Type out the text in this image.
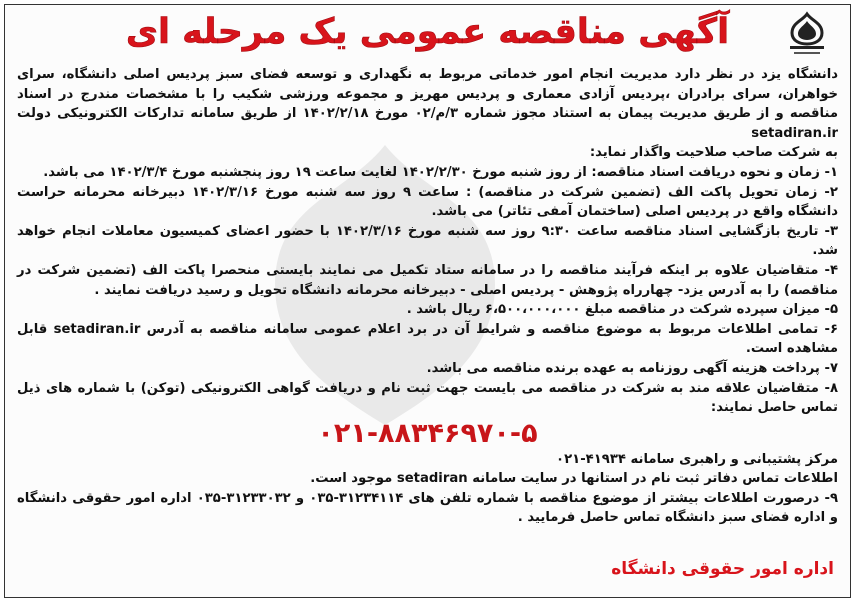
آگهی مناقصه عمومی یک مرحله ای

دانشگاه یزد در نظر دارد مدیریت انجام امور خدماتی مربوط به نگهداری و توسعه فضای سبز پردیس اصلی دانشگاه، سرای خواهران، سرای برادران ،پردیس آزادی معماری و پردیس مهریز و مجموعه ورزشی شکیب را با مشخصات مندرج در اسناد مناقصه و از طریق مدیریت پیمان به استناد مجوز شماره ۳/م/۰۲ مورخ ۱۴۰۲/۲/۱۸ از طریق سامانه تدارکات الکترونیکی دولت setadiran.ir
به شرکت صاحب صلاحیت واگذار نماید:

۱- زمان و نحوه دریافت اسناد مناقصه: از روز شنبه مورخ ۱۴۰۲/۲/۳۰ لغایت ساعت ۱۹ روز پنجشنبه مورخ ۱۴۰۲/۳/۴ می باشد.

۲- زمان تحویل پاکت الف (تضمین شرکت در مناقصه) : ساعت ۹ روز سه شنبه مورخ ۱۴۰۲/۳/۱۶ دبیرخانه محرمانه حراست دانشگاه واقع در پردیس اصلی (ساختمان آمفی تئاتر) می باشد.

۳- تاریخ بازگشایی اسناد مناقصه ساعت ۹:۳۰ روز سه شنبه مورخ ۱۴۰۲/۳/۱۶ با حضور اعضای کمیسیون معاملات انجام خواهد شد.

۴- متقاضیان علاوه بر اینکه فرآیند مناقصه را در سامانه ستاد تکمیل می نمایند بایستی منحصرا پاکت الف (تضمین شرکت در مناقصه) را به آدرس یزد- چهارراه پژوهش - پردیس اصلی - دبیرخانه محرمانه دانشگاه تحویل و رسید دریافت نمایند .

۵- میزان سپرده شرکت در مناقصه مبلغ ۶،۵۰۰،۰۰۰،۰۰۰ ریال باشد .

۶- تمامی اطلاعات مربوط به موضوع مناقصه و شرایط آن در برد اعلام عمومی سامانه مناقصه به آدرس setadiran.ir قابل مشاهده است.

۷- پرداخت هزینه آگهی روزنامه به عهده برنده مناقصه می باشد.

۸- متقاضیان علاقه مند به شرکت در مناقصه می بایست جهت ثبت نام و دریافت گواهی الکترونیکی (توکن) با شماره های ذیل تماس حاصل نمایند:

۰۲۱-۸۸۳۴۶۹۷۰-۵

مرکز پشتیبانی و راهبری سامانه ۴۱۹۳۴-۰۲۱

اطلاعات تماس دفاتر ثبت نام در استانها در سایت سامانه setadiran موجود است.

۹- درصورت اطلاعات بیشتر از موضوع مناقصه با شماره تلفن های ۳۱۲۳۴۱۱۴-۰۳۵ و ۳۱۲۳۳۰۳۲-۰۳۵ اداره امور حقوقی دانشگاه و اداره فضای سبز دانشگاه تماس حاصل فرمایید .

اداره امور حقوقی دانشگاه
